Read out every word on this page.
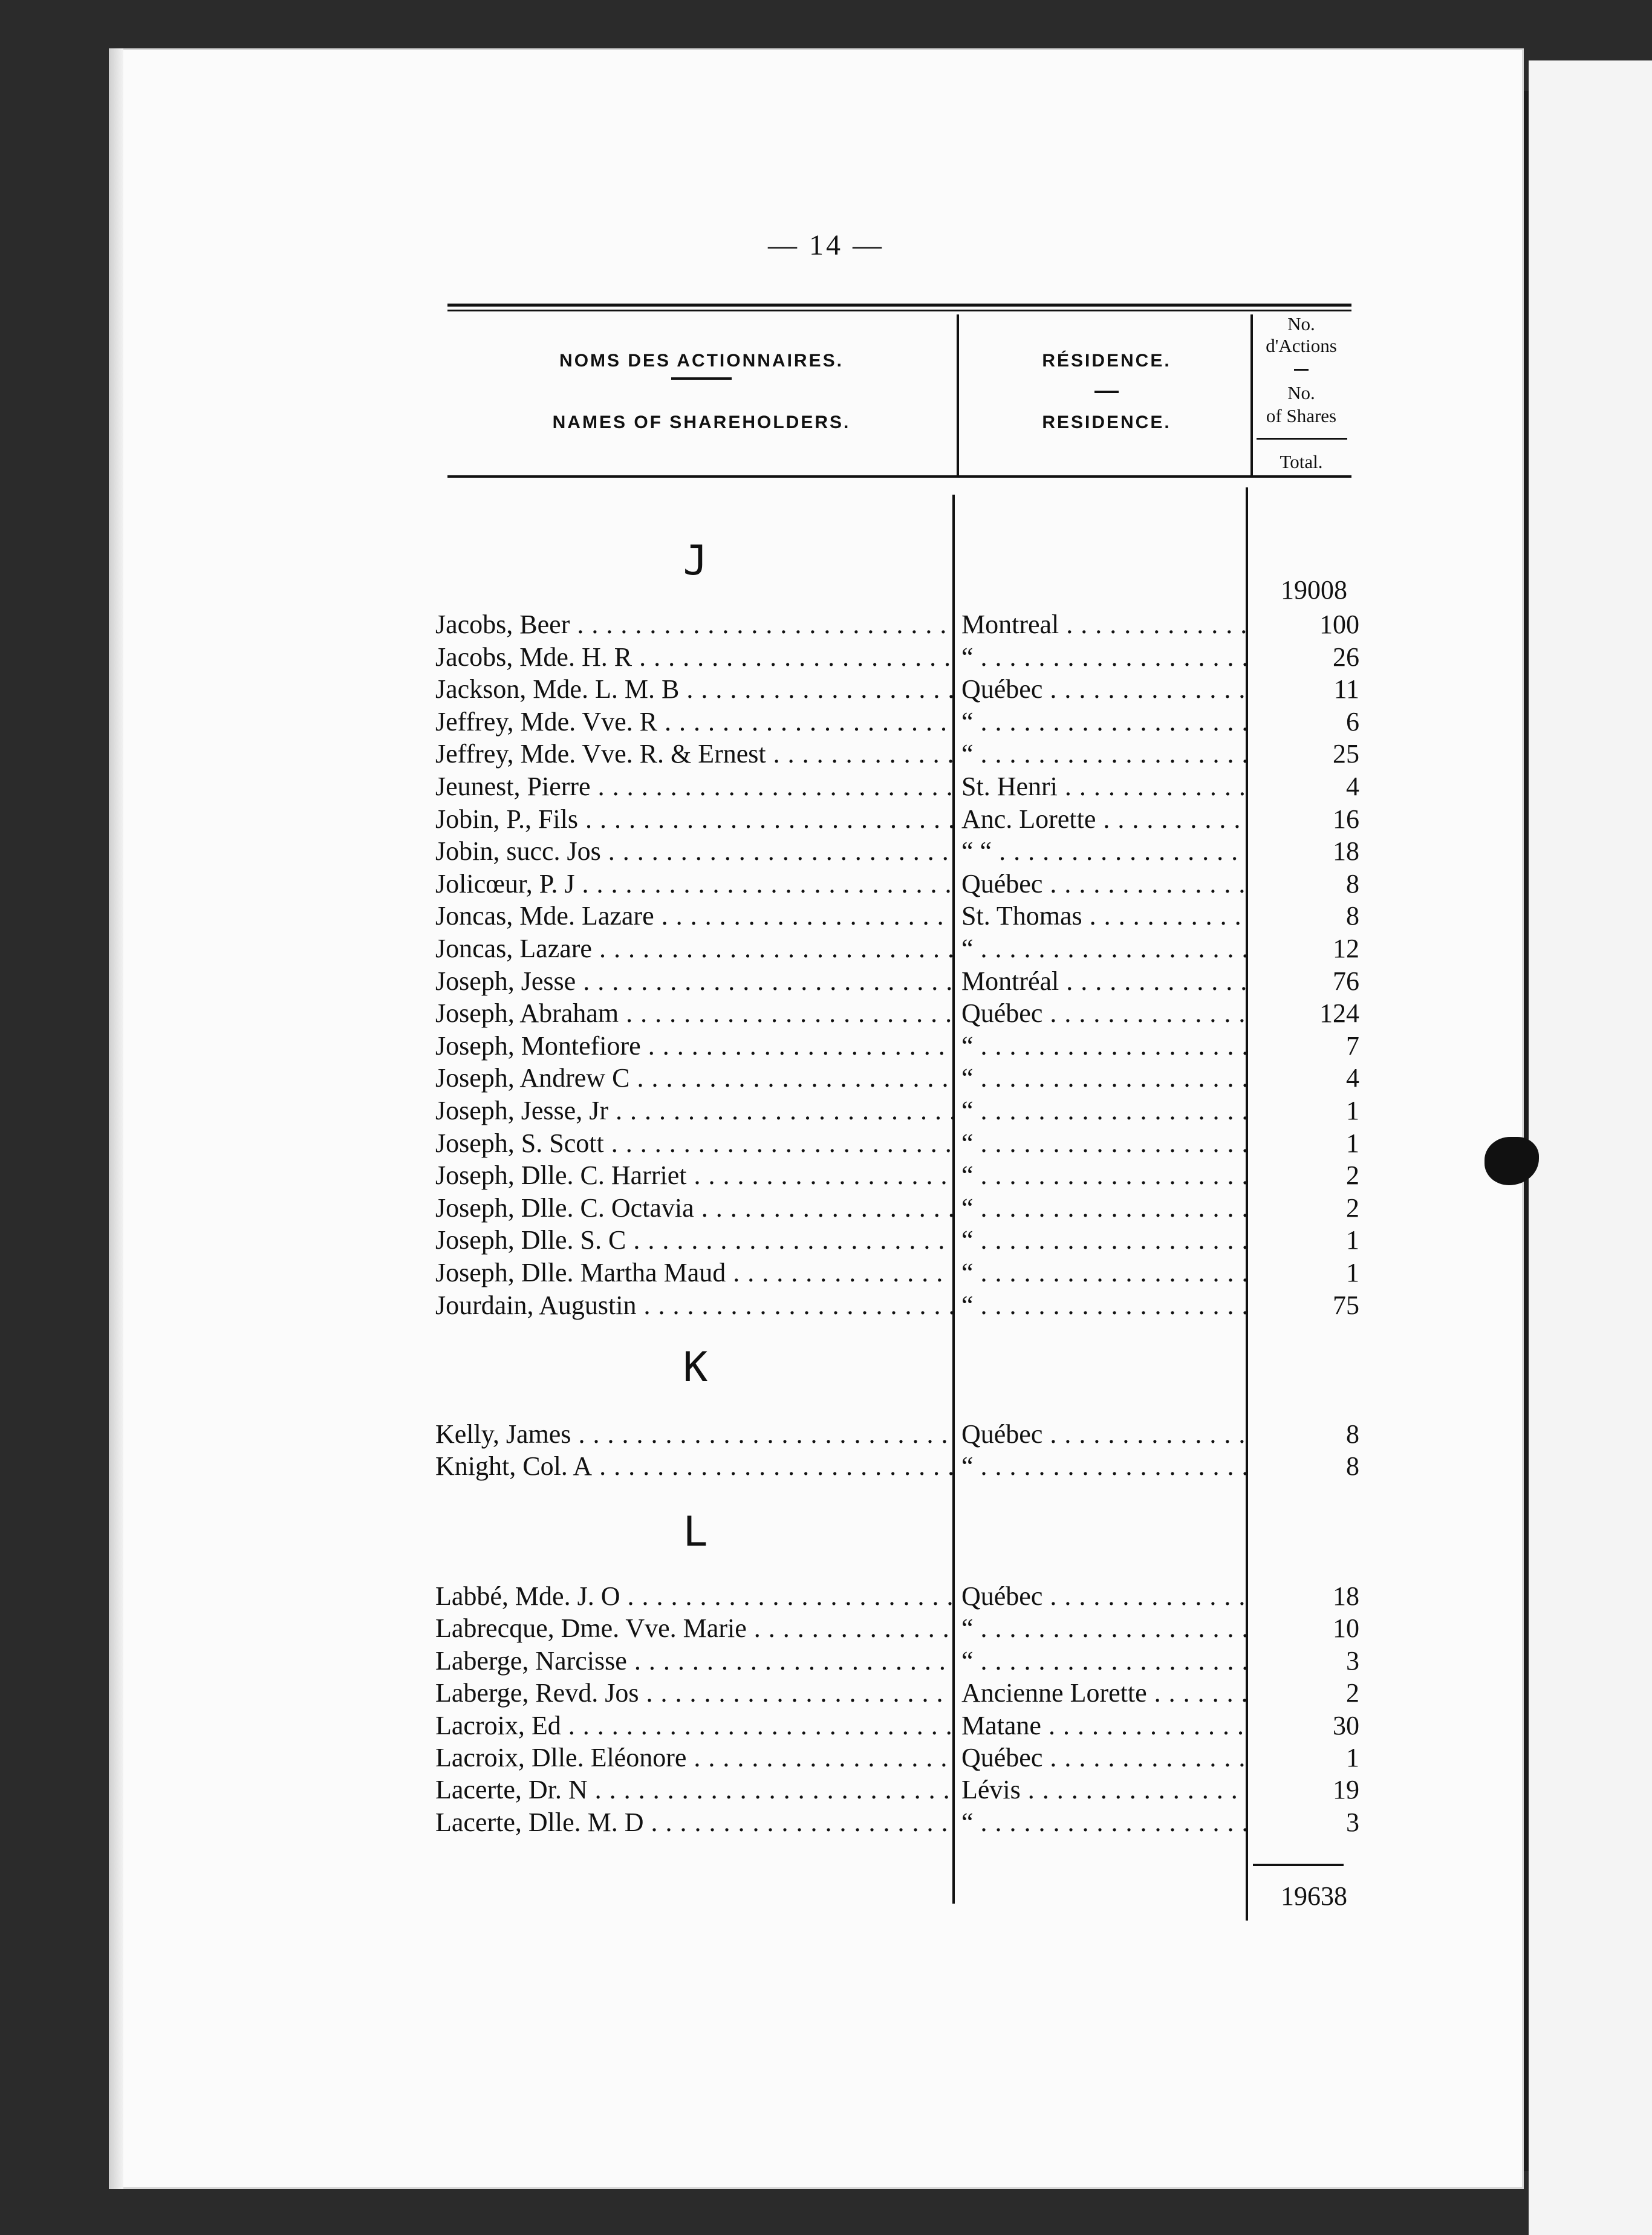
— 14 —
NOMS DES ACTIONNAIRES.
NAMES OF SHAREHOLDERS.
RÉSIDENCE.
RESIDENCE.
No.
d'Actions
No.
of Shares
Total.
J
K
L
19008
Jacobs, Beer . . .	Montreal . . .	100
Jacobs, Mde. H. R . . .	“ . . .	26
Jackson, Mde. L. M. B . . .	Québec . . .	11
Jeffrey, Mde. Vve. R . . .	“ . . .	6
Jeffrey, Mde. Vve. R. & Ernest . . .	“ . . .	25
Jeunest, Pierre . . .	St. Henri . . .	4
Jobin, P., Fils . . .	Anc. Lorette . . .	16
Jobin, succ. Jos . . .	“ “ . . .	18
Jolicœur, P. J . . .	Québec . . .	8
Joncas, Mde. Lazare . . .	St. Thomas . . .	8
Joncas, Lazare . . .	“ . . .	12
Joseph, Jesse . . .	Montréal . . .	76
Joseph, Abraham . . .	Québec . . .	124
Joseph, Montefiore . . .	“ . . .	7
Joseph, Andrew C . . .	“ . . .	4
Joseph, Jesse, Jr . . .	“ . . .	1
Joseph, S. Scott . . .	“ . . .	1
Joseph, Dlle. C. Harriet . . .	“ . . .	2
Joseph, Dlle. C. Octavia . . .	“ . . .	2
Joseph, Dlle. S. C . . .	“ . . .	1
Joseph, Dlle. Martha Maud . . .	“ . . .	1
Jourdain, Augustin . . .	“ . . .	75
Kelly, James . . .	Québec . . .	8
Knight, Col. A . . .	“ . . .	8
Labbé, Mde. J. O . . .	Québec . . .	18
Labrecque, Dme. Vve. Marie . . .	“ . . .	10
Laberge, Narcisse . . .	“ . . .	3
Laberge, Revd. Jos . . .	Ancienne Lorette . . .	2
Lacroix, Ed . . .	Matane . . .	30
Lacroix, Dlle. Eléonore . . .	Québec . . .	1
Lacerte, Dr. N . . .	Lévis . . .	19
Lacerte, Dlle. M. D . . .	“ . . .	3
19638
